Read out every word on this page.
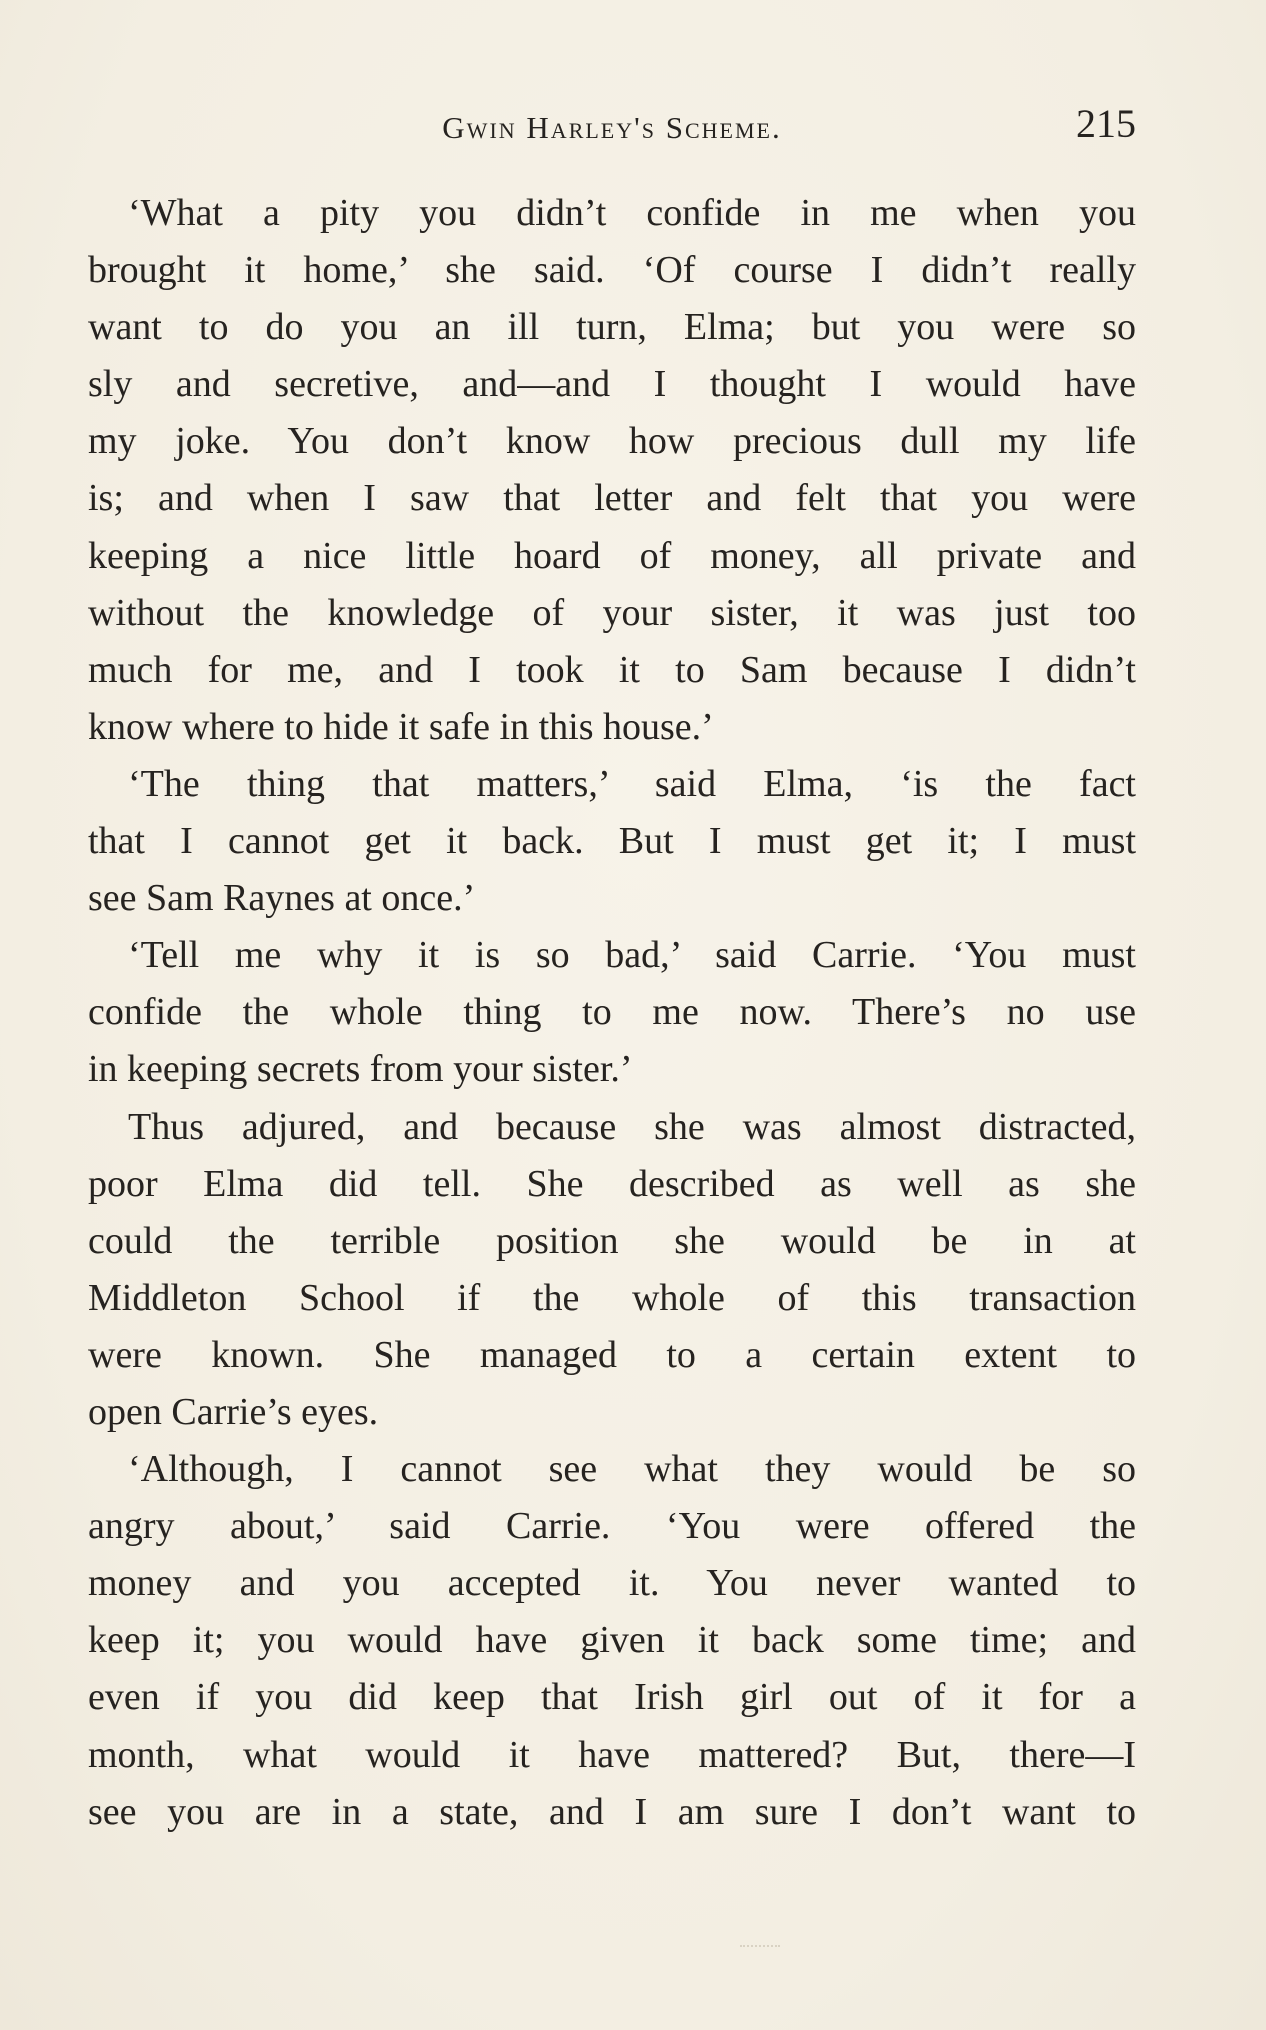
Gwin Harley's Scheme.	215
‘What a pity you didn’t confide in me when you
brought it home,’ she said. ‘Of course I didn’t really
want to do you an ill turn, Elma; but you were so
sly and secretive, and—and I thought I would have
my joke. You don’t know how precious dull my life
is; and when I saw that letter and felt that you were
keeping a nice little hoard of money, all private and
without the knowledge of your sister, it was just too
much for me, and I took it to Sam because I didn’t
know where to hide it safe in this house.’
‘The thing that matters,’ said Elma, ‘is the fact
that I cannot get it back. But I must get it; I must
see Sam Raynes at once.’
‘Tell me why it is so bad,’ said Carrie. ‘You must
confide the whole thing to me now. There’s no use
in keeping secrets from your sister.’
Thus adjured, and because she was almost distracted,
poor Elma did tell. She described as well as she
could the terrible position she would be in at
Middleton School if the whole of this transaction
were known. She managed to a certain extent to
open Carrie’s eyes.
‘Although, I cannot see what they would be so
angry about,’ said Carrie. ‘You were offered the
money and you accepted it. You never wanted to
keep it; you would have given it back some time; and
even if you did keep that Irish girl out of it for a
month, what would it have mattered? But, there—I
see you are in a state, and I am sure I don’t want to
